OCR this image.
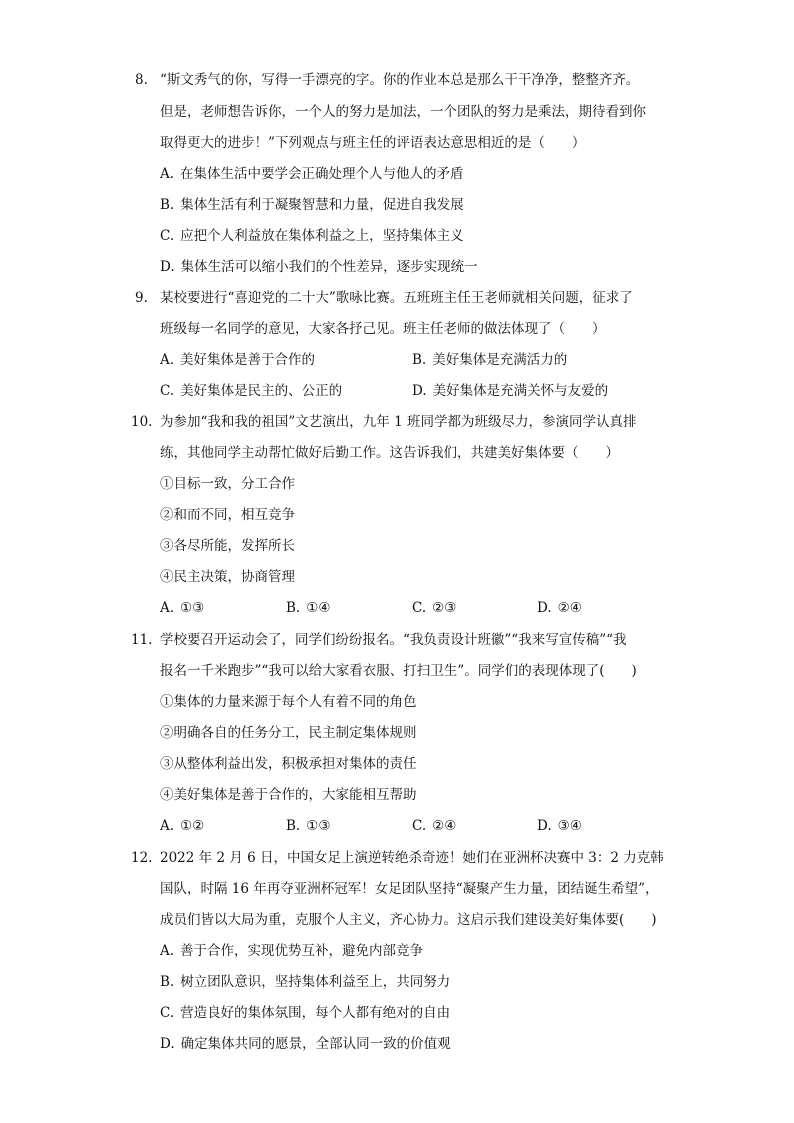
8. “斯文秀气的你，写得一手漂亮的字。你的作业本总是那么干干净净，整整齐齐。
但是，老师想告诉你，一个人的努力是加法，一个团队的努力是乘法，期待看到你
取得更大的进步！”下列观点与班主任的评语表达意思相近的是（　　）
A. 在集体生活中要学会正确处理个人与他人的矛盾
B. 集体生活有利于凝聚智慧和力量，促进自我发展
C. 应把个人利益放在集体利益之上，坚持集体主义
D. 集体生活可以缩小我们的个性差异，逐步实现统一
9. 某校要进行“喜迎党的二十大”歌咏比赛。五班班主任王老师就相关问题，征求了
班级每一名同学的意见，大家各抒己见。班主任老师的做法体现了（　　）
A. 美好集体是善于合作的	B. 美好集体是充满活力的
C. 美好集体是民主的、公正的	D. 美好集体是充满关怀与友爱的
10. 为参加“我和我的祖国”文艺演出，九年 1 班同学都为班级尽力，参演同学认真排
练，其他同学主动帮忙做好后勤工作。这告诉我们，共建美好集体要（　　）
①目标一致，分工合作
②和而不同，相互竞争
③各尽所能，发挥所长
④民主决策，协商管理
A. ①③	B. ①④	C. ②③	D. ②④
11. 学校要召开运动会了，同学们纷纷报名。“我负责设计班徽”“我来写宣传稿”“我
报名一千米跑步”“我可以给大家看衣服、打扫卫生”。同学们的表现体现了(　　)
①集体的力量来源于每个人有着不同的角色
②明确各自的任务分工，民主制定集体规则
③从整体利益出发，积极承担对集体的责任
④美好集体是善于合作的，大家能相互帮助
A. ①②	B. ①③	C. ②④	D. ③④
12. 2022 年 2 月 6 日，中国女足上演逆转绝杀奇迹！她们在亚洲杯决赛中 3：2 力克韩
国队，时隔 16 年再夺亚洲杯冠军！女足团队坚持“凝聚产生力量，团结诞生希望”，
成员们皆以大局为重，克服个人主义，齐心协力。这启示我们建设美好集体要(　　)
A. 善于合作，实现优势互补，避免内部竞争
B. 树立团队意识，坚持集体利益至上，共同努力
C. 营造良好的集体氛围，每个人都有绝对的自由
D. 确定集体共同的愿景，全部认同一致的价值观
